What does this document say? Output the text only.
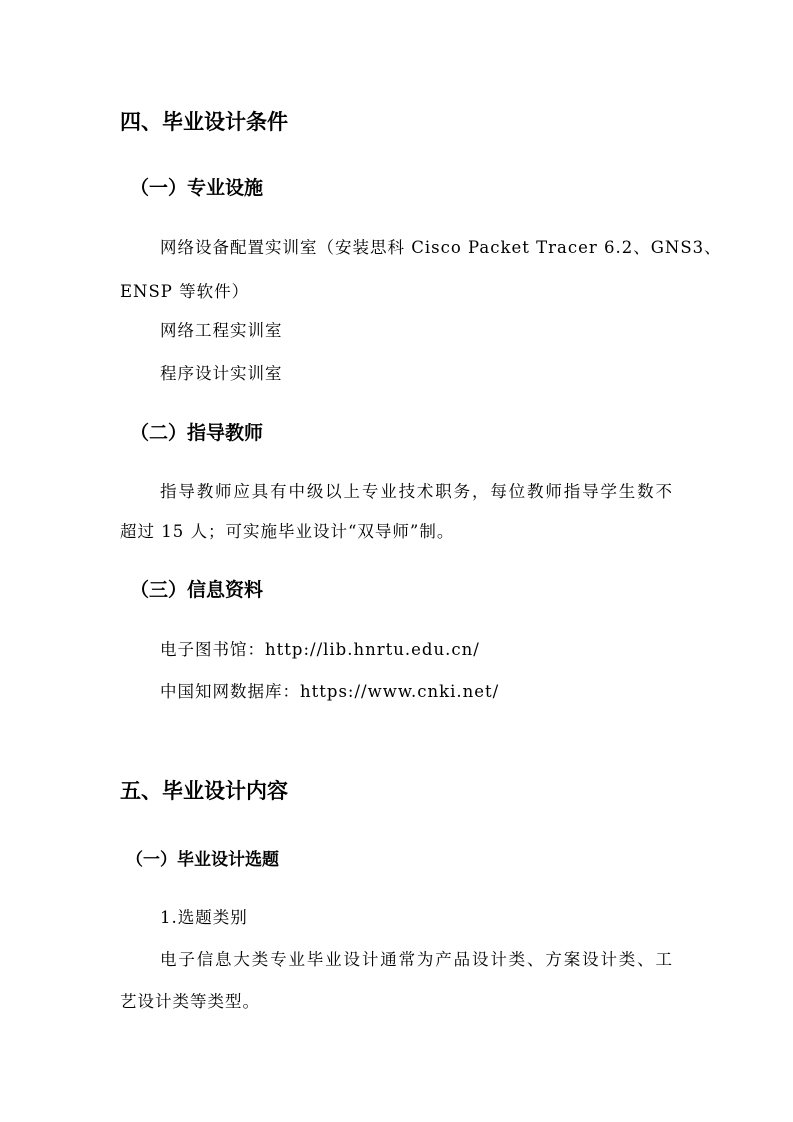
四、毕业设计条件
（一）专业设施

网络设备配置实训室（安装思科 Cisco Packet Tracer 6.2、GNS3、

ENSP 等软件）

网络工程实训室

程序设计实训室

（二）指导教师

指导教师应具有中级以上专业技术职务，每位教师指导学生数不

超过 15 人；可实施毕业设计“双导师”制。

（三）信息资料

电子图书馆：http://lib.hnrtu.edu.cn/

中国知网数据库：https://www.cnki.net/

五、毕业设计内容
（一）毕业设计选题

1.选题类别

电子信息大类专业毕业设计通常为产品设计类、方案设计类、工

艺设计类等类型。
